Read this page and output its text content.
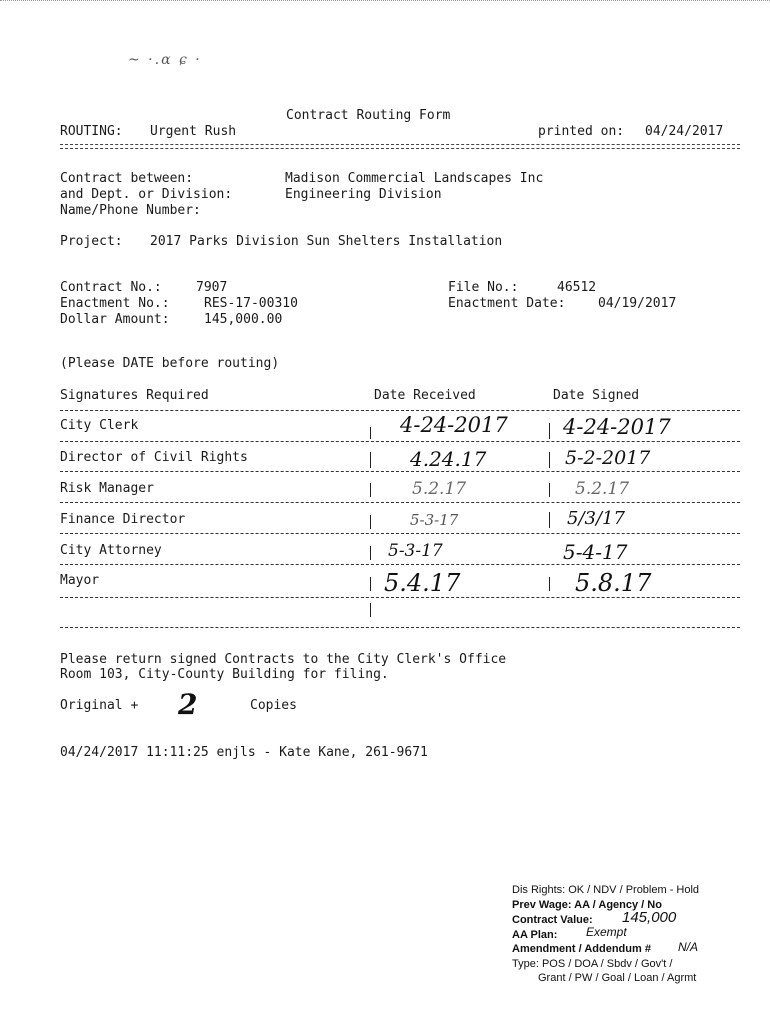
~ ·.ɑ ɕ ·
Contract Routing Form
ROUTING: Urgent Rush	printed on: 04/24/2017
Contract between:	Madison Commercial Landscapes Inc
and Dept. or Division:	Engineering Division
Name/Phone Number:
Project: 2017 Parks Division Sun Shelters Installation
Contract No.:	7907	File No.:	46512
Enactment No.:	RES-17-00310	Enactment Date:	04/19/2017
Dollar Amount:	145,000.00
(Please DATE before routing)
Signatures Required	Date Received	Date Signed
City Clerk	4-24-2017	4-24-2017
Director of Civil Rights	4.24.17	5-2-2017
Risk Manager	5.2.17	5.2.17
Finance Director	5-3-17	5/3/17
City Attorney	5-3-17	5-4-17
Mayor	5.4.17	5.8.17
Please return signed Contracts to the City Clerk's Office
Room 103, City-County Building for filing.
Original + 2	Copies
04/24/2017 11:11:25 enjls - Kate Kane, 261-9671
Dis Rights: OK / NDV / Problem - Hold
Prev Wage: AA / Agency / No
Contract Value: 145,000
AA Plan: Exempt
Amendment / Addendum # N/A
Type: POS / DOA / Sbdv / Gov't /
Grant / PW / Goal / Loan / Agrmt
